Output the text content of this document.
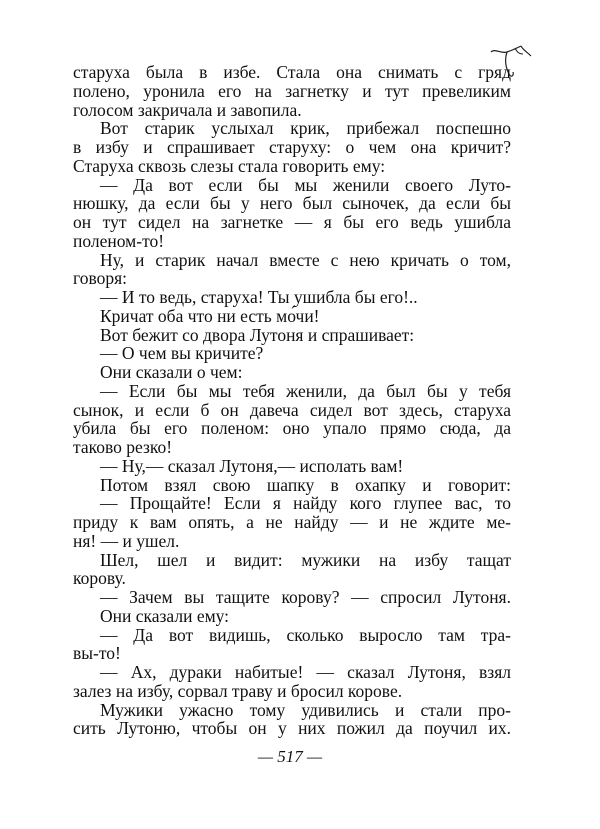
старуха была в избе. Стала она снимать с гряд
полено, уронила его на загнетку и тут превеликим
голосом закричала и завопила.
Вот старик услыхал крик, прибежал поспешно
в избу и спрашивает старуху: о чем она кричит?
Старуха сквозь слезы стала говорить ему:
— Да вот если бы мы женили своего Луто-
нюшку, да если бы у него был сыночек, да если бы
он тут сидел на загнетке — я бы его ведь ушибла
поленом-то!
Ну, и старик начал вместе с нею кричать о том,
говоря:
— И то ведь, старуха! Ты ушибла бы его!..
Кричат оба что ни есть мо́чи!
Вот бежит со двора Лутоня и спрашивает:
— О чем вы кричите?
Они сказали о чем:
— Если бы мы тебя женили, да был бы у тебя
сынок, и если б он давеча сидел вот здесь, старуха
убила бы его поленом: оно упало прямо сюда, да
таково резко!
— Ну,— сказал Лутоня,— исполать вам!
Потом взял свою шапку в охапку и говорит:
— Прощайте! Если я найду кого глупее вас, то
приду к вам опять, а не найду — и не ждите ме-
ня! — и ушел.
Шел, шел и видит: мужики на избу тащат
корову.
— Зачем вы тащите корову? — спросил Лутоня.
Они сказали ему:
— Да вот видишь, сколько выросло там тра-
вы-то!
— Ах, дураки набитые! — сказал Лутоня, взял
залез на избу, сорвал траву и бросил корове.
Мужики ужасно тому удивились и стали про-
сить Лутоню, чтобы он у них пожил да поучил их.
— 517 —
